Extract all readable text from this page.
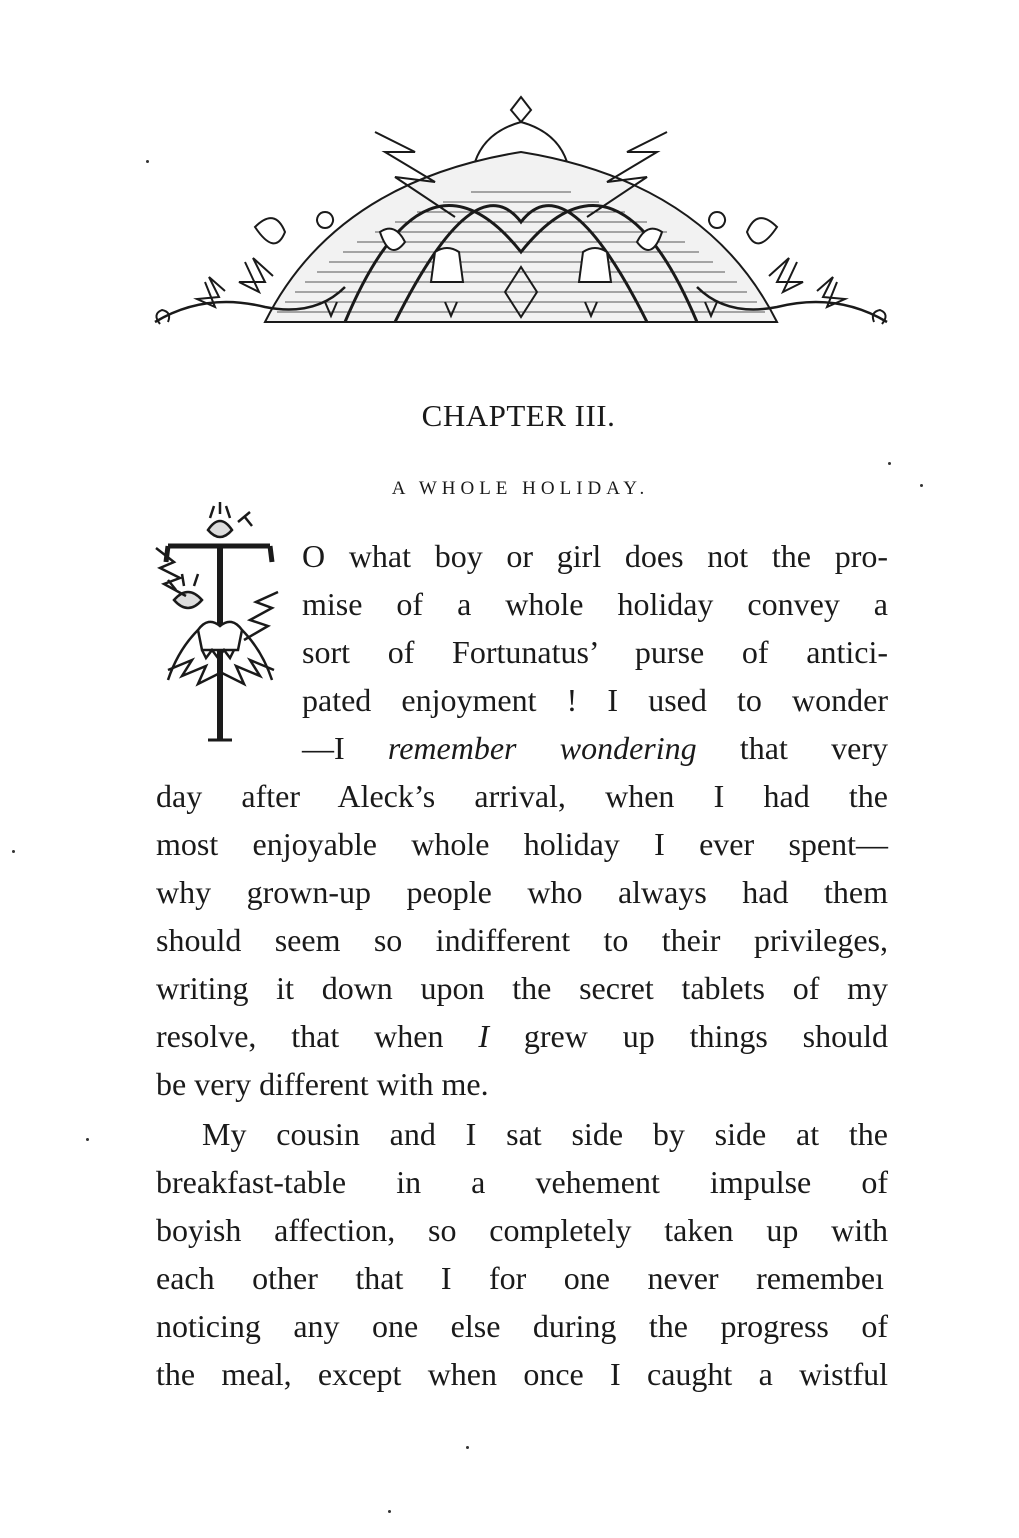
CHAPTER III.
A WHOLE HOLIDAY.
O what boy or girl does not the pro-
mise of a whole holiday convey a
sort of Fortunatus’ purse of antici-
pated enjoyment ! I used to wonder
—I remember wondering that very
day after Aleck’s arrival, when I had the
most enjoyable whole holiday I ever spent—
why grown-up people who always had them
should seem so indifferent to their privileges,
writing it down upon the secret tablets of my
resolve, that when I grew up things should
be very different with me.
My cousin and I sat side by side at the
breakfast-table in a vehement impulse of
boyish affection, so completely taken up with
each other that I for one never remembeı
noticing any one else during the progress of
the meal, except when once I caught a wistful
